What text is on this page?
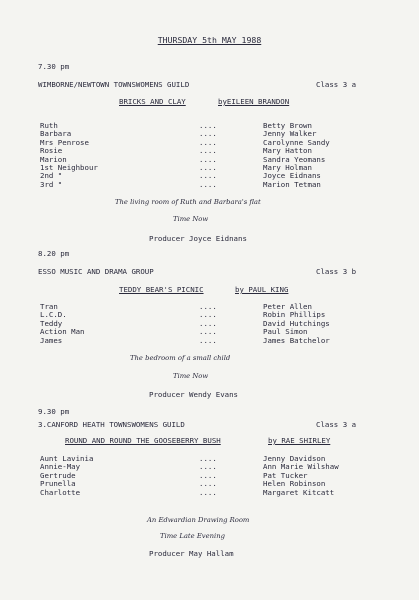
THURSDAY 5th MAY 1988
7.30 pm
WIMBORNE/NEWTOWN TOWNSWOMENS GUILD	Class 3 a
BRICKS AND CLAY	byEILEEN BRANDON
Ruth	....	Betty Brown
Barbara	....	Jenny Walker
Mrs Penrose	....	Carolynne Sandy
Rosie	....	Mary Hatton
Marion	....	Sandra Yeomans
1st Neighbour	....	Mary Holman
2nd "	....	Joyce Eidnans
3rd "	....	Marion Tetman
The living room of Ruth and Barbara's flat
Time Now
Producer Joyce Eidnans
8.20 pm
ESSO MUSIC AND DRAMA GROUP	Class 3 b
TEDDY BEAR'S PICNIC	by PAUL KING
Tran	....	Peter Allen
L.C.D.	....	Robin Phillips
Teddy	....	David Hutchings
Action Man	....	Paul Simon
James	....	James Batchelor
The bedroom of a small child
Time Now
Producer Wendy Evans
9.30 pm
3.CANFORD HEATH TOWNSWOMENS GUILD	Class 3 a
ROUND AND ROUND THE GOOSEBERRY BUSH	by RAE SHIRLEY
Aunt Lavinia	....	Jenny Davidson
Annie-May	....	Ann Marie Wilshaw
Gertrude	....	Pat Tucker
Prunella	....	Helen Robinson
Charlotte	....	Margaret Kitcatt
An Edwardian Drawing Room
Time Late Evening
Producer May Hallam
